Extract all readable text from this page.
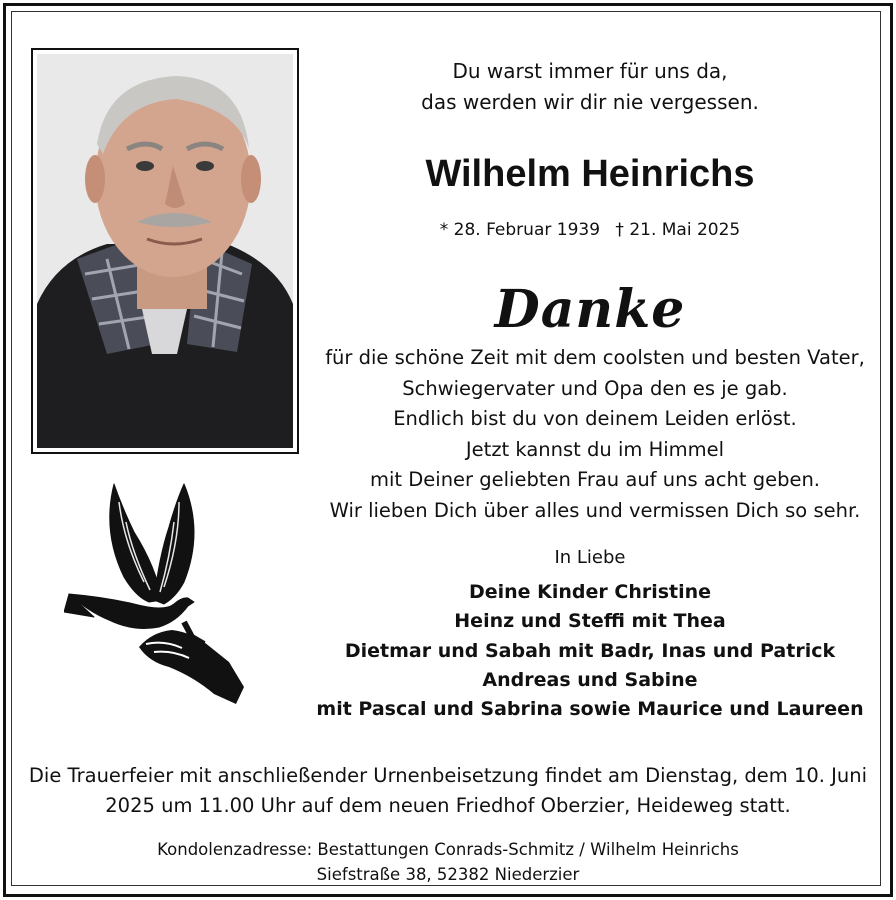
Du warst immer für uns da,
das werden wir dir nie vergessen.
Wilhelm Heinrichs
* 28. Februar 1939 † 21. Mai 2025
Danke
für die schöne Zeit mit dem coolsten und besten Vater,
Schwiegervater und Opa den es je gab.
Endlich bist du von deinem Leiden erlöst.
Jetzt kannst du im Himmel
mit Deiner geliebten Frau auf uns acht geben.
Wir lieben Dich über alles und vermissen Dich so sehr.
In Liebe
Deine Kinder Christine
Heinz und Steffi mit Thea
Dietmar und Sabah mit Badr, Inas und Patrick
Andreas und Sabine
mit Pascal und Sabrina sowie Maurice und Laureen
Die Trauerfeier mit anschließender Urnenbeisetzung findet am Dienstag, dem 10. Juni
2025 um 11.00 Uhr auf dem neuen Friedhof Oberzier, Heideweg statt.
Kondolenzadresse: Bestattungen Conrads-Schmitz / Wilhelm Heinrichs
Siefstraße 38, 52382 Niederzier
